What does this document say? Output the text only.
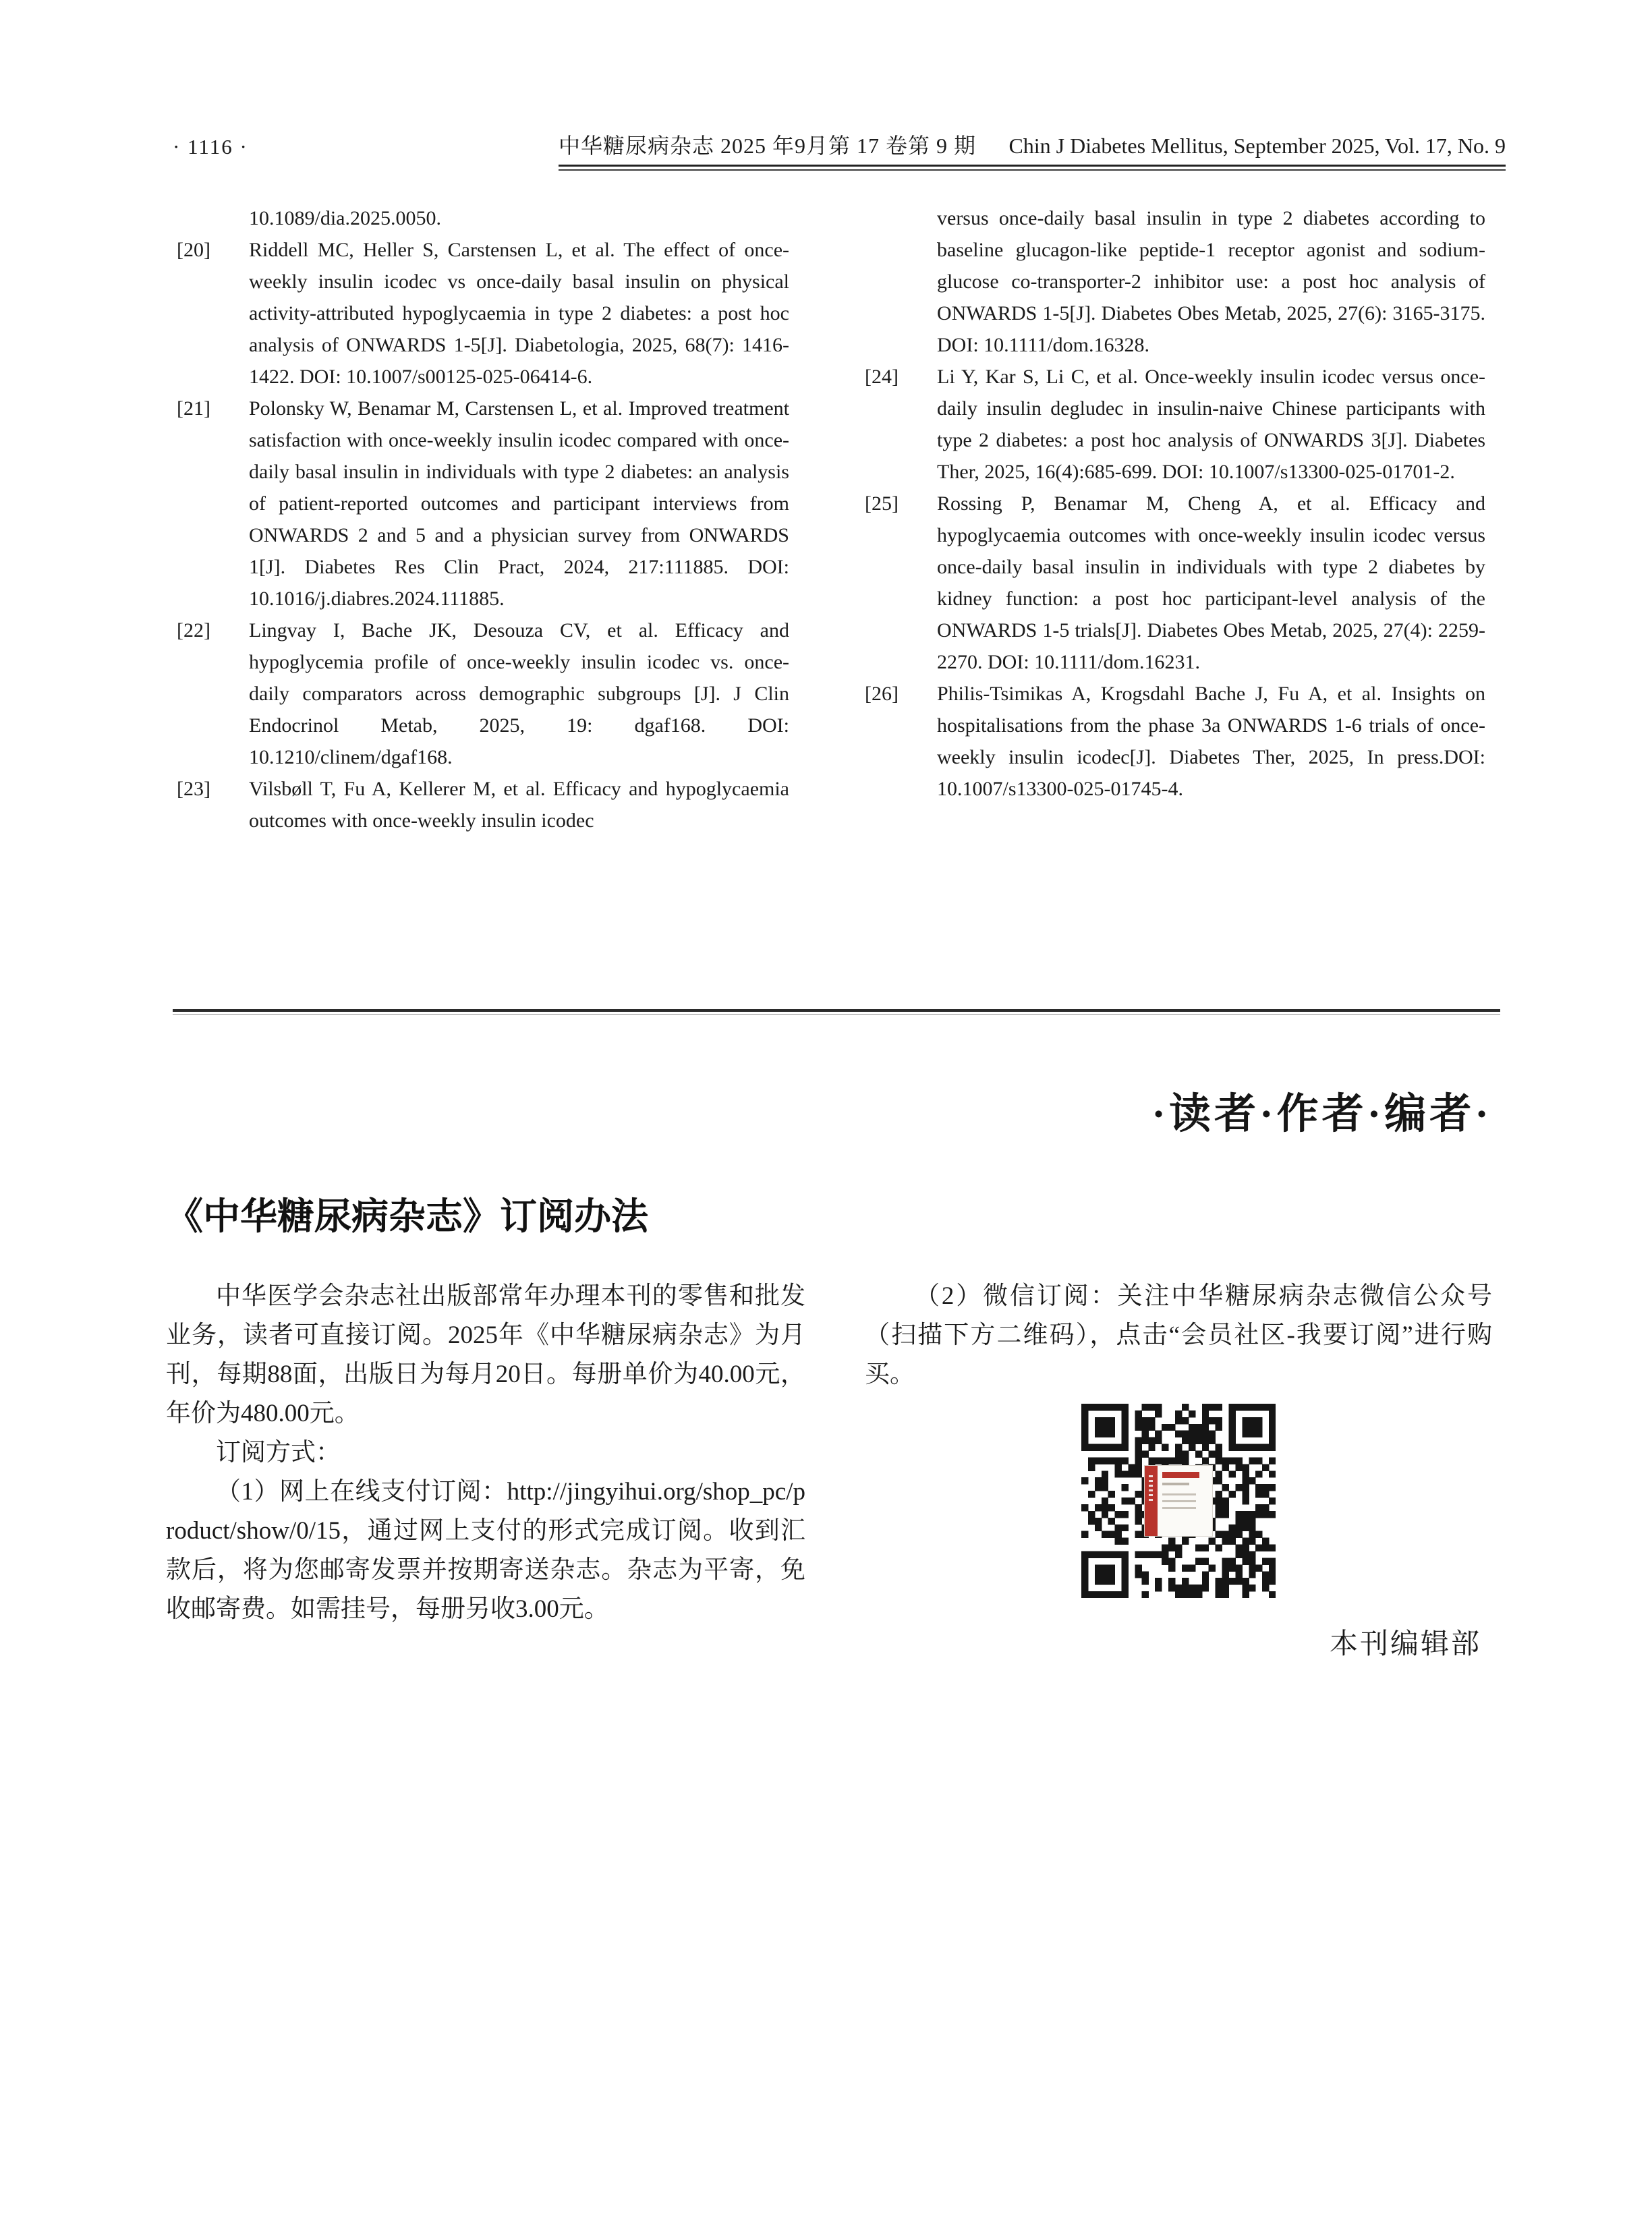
· 1116 ·	中华糖尿病杂志 2025 年9月第 17 卷第 9 期 Chin J Diabetes Mellitus, September 2025, Vol. 17, No. 9
10.1089/dia.2025.0050.
[20] Riddell MC, Heller S, Carstensen L, et al. The effect of once-weekly insulin icodec vs once-daily basal insulin on physical activity-attributed hypoglycaemia in type 2 diabetes: a post hoc analysis of ONWARDS 1-5[J]. Diabetologia, 2025, 68(7): 1416-1422. DOI: 10.1007/s00125-025-06414-6.
[21] Polonsky W, Benamar M, Carstensen L, et al. Improved treatment satisfaction with once-weekly insulin icodec compared with once-daily basal insulin in individuals with type 2 diabetes: an analysis of patient-reported outcomes and participant interviews from ONWARDS 2 and 5 and a physician survey from ONWARDS 1[J]. Diabetes Res Clin Pract, 2024, 217:111885. DOI: 10.1016/j.diabres.2024.111885.
[22] Lingvay I, Bache JK, Desouza CV, et al. Efficacy and hypoglycemia profile of once-weekly insulin icodec vs. once-daily comparators across demographic subgroups [J]. J Clin Endocrinol Metab, 2025, 19: dgaf168. DOI: 10.1210/clinem/dgaf168.
[23] Vilsbøll T, Fu A, Kellerer M, et al. Efficacy and hypoglycaemia outcomes with once-weekly insulin icodec
versus once-daily basal insulin in type 2 diabetes according to baseline glucagon-like peptide-1 receptor agonist and sodium-glucose co-transporter-2 inhibitor use: a post hoc analysis of ONWARDS 1-5[J]. Diabetes Obes Metab, 2025, 27(6): 3165-3175. DOI: 10.1111/dom.16328.
[24] Li Y, Kar S, Li C, et al. Once-weekly insulin icodec versus once-daily insulin degludec in insulin-naive Chinese participants with type 2 diabetes: a post hoc analysis of ONWARDS 3[J]. Diabetes Ther, 2025, 16(4):685-699. DOI: 10.1007/s13300-025-01701-2.
[25] Rossing P, Benamar M, Cheng A, et al. Efficacy and hypoglycaemia outcomes with once-weekly insulin icodec versus once-daily basal insulin in individuals with type 2 diabetes by kidney function: a post hoc participant-level analysis of the ONWARDS 1-5 trials[J]. Diabetes Obes Metab, 2025, 27(4): 2259-2270. DOI: 10.1111/dom.16231.
[26] Philis-Tsimikas A, Krogsdahl Bache J, Fu A, et al. Insights on hospitalisations from the phase 3a ONWARDS 1-6 trials of once-weekly insulin icodec[J]. Diabetes Ther, 2025, In press.DOI: 10.1007/s13300-025-01745-4.
·读者·作者·编者·
《中华糖尿病杂志》订阅办法

中华医学会杂志社出版部常年办理本刊的零售和批发业务，读者可直接订阅。2025年《中华糖尿病杂志》为月刊，每期88面，出版日为每月20日。每册单价为40.00元，年价为480.00元。

订阅方式：

（1）网上在线支付订阅：http://jingyihui.org/shop_pc/product/show/0/15，通过网上支付的形式完成订阅。收到汇款后，将为您邮寄发票并按期寄送杂志。杂志为平寄，免收邮寄费。如需挂号，每册另收3.00元。

（2）微信订阅：关注中华糖尿病杂志微信公众号（扫描下方二维码），点击“会员社区-我要订阅”进行购买。

本刊编辑部
